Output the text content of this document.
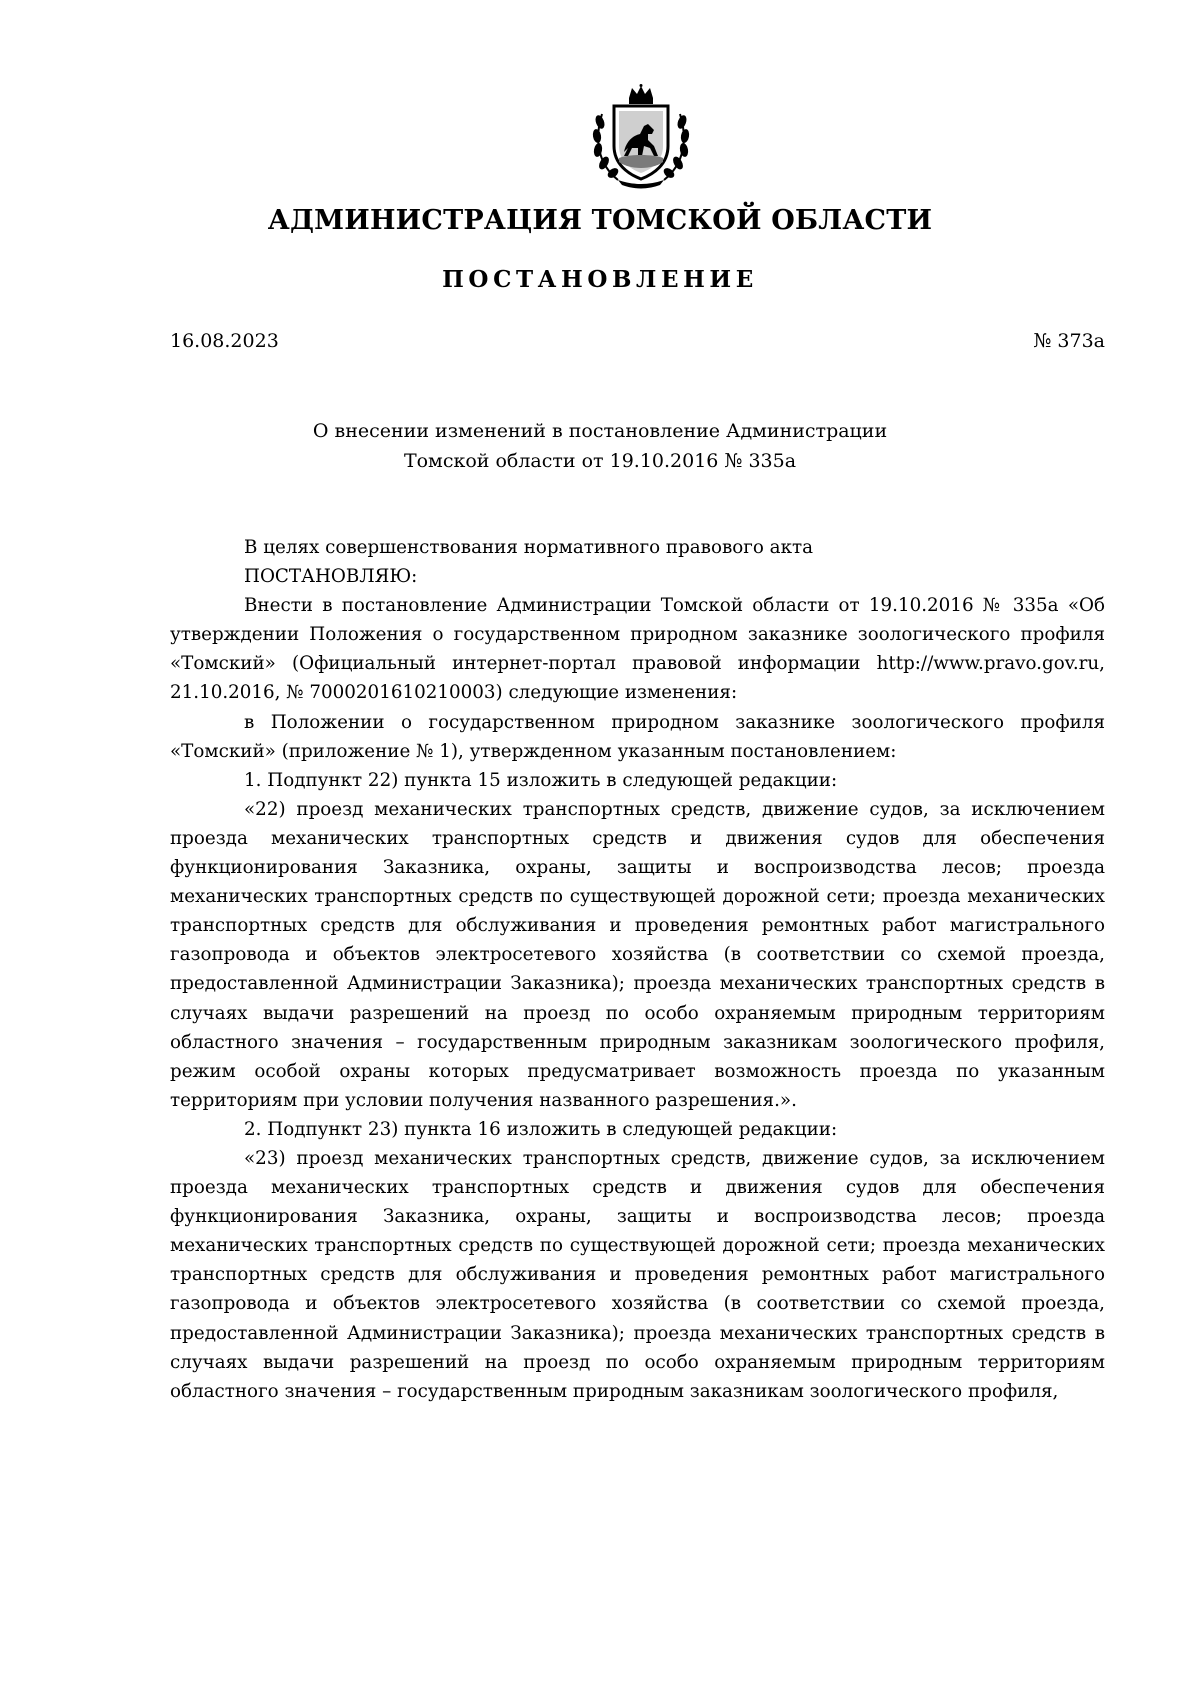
АДМИНИСТРАЦИЯ ТОМСКОЙ ОБЛАСТИ
ПОСТАНОВЛЕНИЕ
16.08.2023	№ 373а
О внесении изменений в постановление Администрации
Томской области от 19.10.2016 № 335а

В целях совершенствования нормативного правового акта

ПОСТАНОВЛЯЮ:

Внести в постановление Администрации Томской области от 19.10.2016 № 335а «Об утверждении Положения о государственном природном заказнике зоологического профиля «Томский» (Официальный интернет-портал правовой информации http://www.pravo.gov.ru, 21.10.2016, № 7000201610210003) следующие изменения:

в Положении о государственном природном заказнике зоологического профиля «Томский» (приложение № 1), утвержденном указанным постановлением:

1. Подпункт 22) пункта 15 изложить в следующей редакции:

«22) проезд механических транспортных средств, движение судов, за исключением проезда механических транспортных средств и движения судов для обеспечения функционирования Заказника, охраны, защиты и воспроизводства лесов; проезда механических транспортных средств по существующей дорожной сети; проезда механических транспортных средств для обслуживания и проведения ремонтных работ магистрального газопровода и объектов электросетевого хозяйства (в соответствии со схемой проезда, предоставленной Администрации Заказника); проезда механических транспортных средств в случаях выдачи разрешений на проезд по особо охраняемым природным территориям областного значения – государственным природным заказникам зоологического профиля, режим особой охраны которых предусматривает возможность проезда по указанным территориям при условии получения названного разрешения.».

2. Подпункт 23) пункта 16 изложить в следующей редакции:

«23) проезд механических транспортных средств, движение судов, за исключением проезда механических транспортных средств и движения судов для обеспечения функционирования Заказника, охраны, защиты и воспроизводства лесов; проезда механических транспортных средств по существующей дорожной сети; проезда механических транспортных средств для обслуживания и проведения ремонтных работ магистрального газопровода и объектов электросетевого хозяйства (в соответствии со схемой проезда, предоставленной Администрации Заказника); проезда механических транспортных средств в случаях выдачи разрешений на проезд по особо охраняемым природным территориям областного значения – государственным природным заказникам зоологического профиля,
